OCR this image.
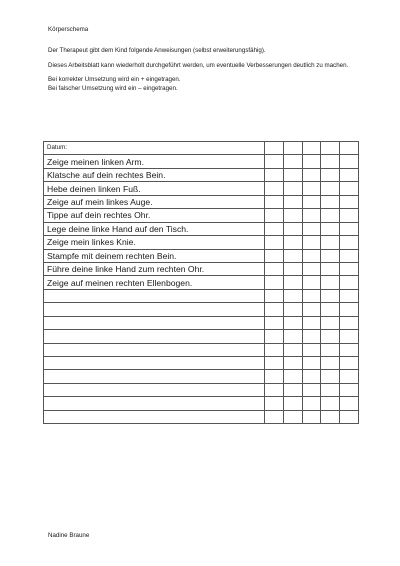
Körperschema

Der Therapeut gibt dem Kind folgende Anweisungen (selbst erweiterungsfähig).

Dieses Arbeitsblatt kann wiederholt durchgeführt werden, um eventuelle Verbesserungen deutlich zu machen.

Bei korrekter Umsetzung wird ein + eingetragen.

Bei falscher Umsetzung wird ein – eingetragen.

Datum:					
Zeige meinen linken Arm.					
Klatsche auf dein rechtes Bein.					
Hebe deinen linken Fuß.					
Zeige auf mein linkes Auge.					
Tippe auf dein rechtes Ohr.					
Lege deine linke Hand auf den Tisch.					
Zeige mein linkes Knie.					
Stampfe mit deinem rechten Bein.					
Führe deine linke Hand zum rechten Ohr.					
Zeige auf meinen rechten Ellenbogen.					

Nadine Braune
